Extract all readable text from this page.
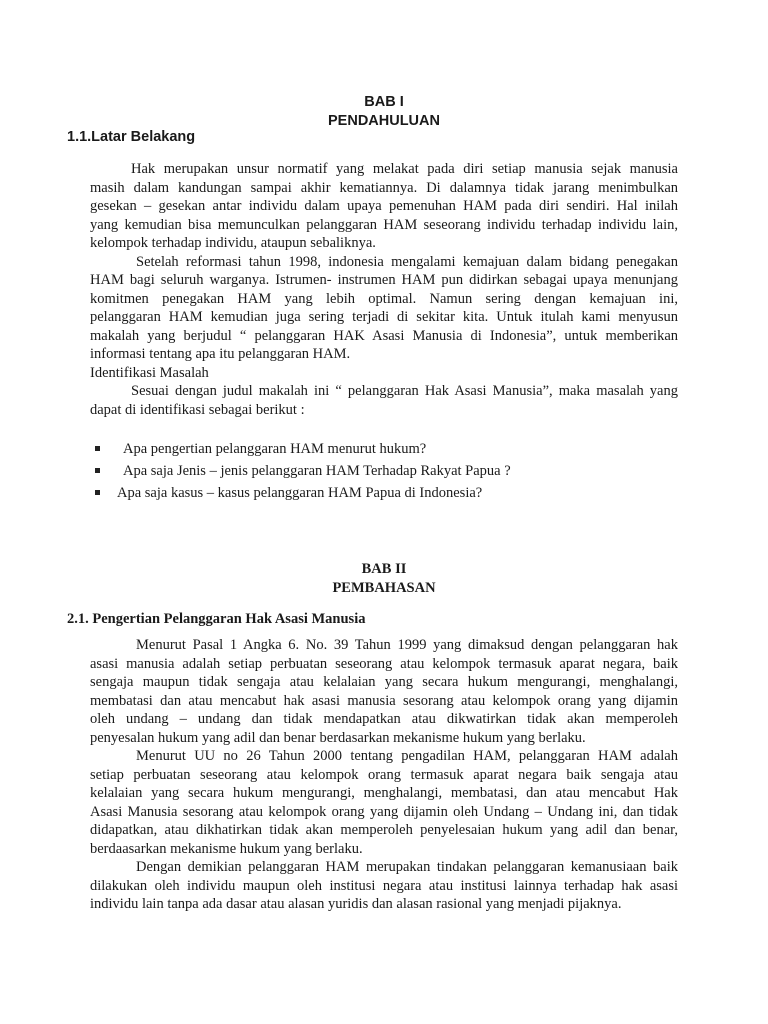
BAB I
PENDAHULUAN
1.1.Latar Belakang
Hak merupakan unsur normatif yang melakat pada diri setiap manusia sejak manusia
masih dalam kandungan sampai akhir kematiannya. Di dalamnya tidak jarang menimbulkan
gesekan – gesekan antar individu dalam upaya pemenuhan HAM pada diri sendiri. Hal inilah
yang kemudian bisa memunculkan pelanggaran HAM seseorang individu terhadap individu lain,
kelompok terhadap individu, ataupun sebaliknya.
Setelah reformasi tahun 1998, indonesia mengalami kemajuan dalam bidang penegakan
HAM bagi seluruh warganya. Istrumen- instrumen HAM pun didirkan sebagai upaya menunjang
komitmen penegakan HAM yang lebih optimal. Namun sering dengan kemajuan ini,
pelanggaran HAM kemudian juga sering terjadi di sekitar kita. Untuk itulah kami menyusun
makalah yang berjudul “ pelanggaran HAK Asasi Manusia di Indonesia”, untuk memberikan
informasi tentang apa itu pelanggaran HAM.
Identifikasi Masalah
Sesuai dengan judul makalah ini “ pelanggaran Hak Asasi Manusia”, maka masalah yang
dapat di identifikasi sebagai berikut :
Apa pengertian pelanggaran HAM menurut hukum?
Apa saja Jenis – jenis pelanggaran HAM Terhadap Rakyat Papua ?
Apa saja kasus – kasus pelanggaran HAM Papua di Indonesia?
BAB II
PEMBAHASAN
2.1. Pengertian Pelanggaran Hak Asasi Manusia
Menurut Pasal 1 Angka 6. No. 39 Tahun 1999 yang dimaksud dengan pelanggaran hak
asasi manusia adalah setiap perbuatan seseorang atau kelompok termasuk aparat negara, baik
sengaja maupun tidak sengaja atau kelalaian yang secara hukum mengurangi, menghalangi,
membatasi dan atau mencabut hak asasi manusia sesorang atau kelompok orang yang dijamin
oleh undang – undang dan tidak mendapatkan atau dikwatirkan tidak akan memperoleh
penyesalan hukum yang adil dan benar berdasarkan mekanisme hukum yang berlaku.
Menurut UU no 26 Tahun 2000 tentang pengadilan HAM, pelanggaran HAM adalah
setiap perbuatan seseorang atau kelompok orang termasuk aparat negara baik sengaja atau
kelalaian yang secara hukum mengurangi, menghalangi, membatasi, dan atau mencabut Hak
Asasi Manusia sesorang atau kelompok orang yang dijamin oleh Undang – Undang ini, dan tidak
didapatkan, atau dikhatirkan tidak akan memperoleh penyelesaian hukum yang adil dan benar,
berdaasarkan mekanisme hukum yang berlaku.
Dengan demikian pelanggaran HAM merupakan tindakan pelanggaran kemanusiaan baik
dilakukan oleh individu maupun oleh institusi negara atau institusi lainnya terhadap hak asasi
individu lain tanpa ada dasar atau alasan yuridis dan alasan rasional yang menjadi pijaknya.
